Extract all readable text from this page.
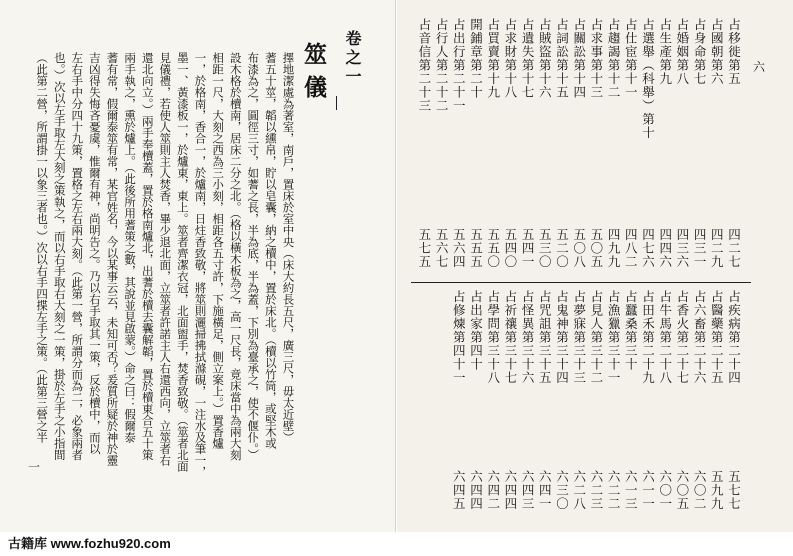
擇地潔處為著室，南戶，置床於室中央（床大約長五尺，廣三尺，毋太近壁）
蓍五十莖，韜以纁帛，貯以皂囊，納之櫝中，置於床北。（櫝以竹筒，或堅木或
布漆為之，圓徑三寸，如蓍之長，半為底，半為蓋，下別為臺承之，使不偃仆。）
設木格於櫝南，居床二分之北。（格以橫木板為之，高一尺長，竟床當中為兩大刻
相距一尺，大刻之西為三小刻，相距各五寸許，下施橫足，側立案上。）置香爐
一，於格南，香合一，於爐南，日炷香致敬，將筮則灑掃拂拭滌硯，一注水及筆一，
墨一、黃漆板一，於爐東，東上。筮者齊潔衣冠，北面盥手，焚香致敬。（筮者北面
見儀禮，若使人筮則主人焚香，畢少退北面，立筮者許諾主人右還西向，立筮者右
還北向立。）兩手奉櫝蓋，置於格南爐北，出蓍於櫝去囊解韜，置於櫝東合五十策
兩手執之，熏於爐上。（此後所用蓍策之數，其說並見啟蒙。）命之曰：假爾泰
蓍有常，假爾泰筮有常，某官姓名，今以某事云云，未知可否？爰質所疑於神於靈
吉凶得失悔吝憂虞，惟爾有神，尚明告之。乃以右手取其一策，反於櫝中，而以
左右手中分四十九策，置格之左右兩大刻。（此第一營，所謂分而為二，必象兩者
也。）次以左手取左大刻之策執之，而以右手取右大刻之一策，掛於左手之小指間
（此第二營，所謂掛一以象三者也。）次以右手四揲左手之策。（此第三營之半	筮儀 卷之一
一
占移徙第五
四二七
占國朝第六
四二九
占身命第七
四三一
占婚姻第八
四三六
占生產第九
四四六
占選舉（科舉）第十
四七六
占仕宦第十一
四八二
占趨謁第十二
四九九
占求事第十三
五〇五
占關訟第十四
五〇八
占詞訟第十五
五二〇
占賊盜第十六
五三〇
占遺失第十七
五四一
占求財第十八
五四〇
占買賣第十九
五五〇
開鋪章第二十
五五五
占出行第二十一
五六四
占行人第二十二
五六七
占音信第二十三
五七五
占疾病第二十四
五七七
占醫藥第二十五
五九九
占六畜第二十六
六〇二
占香火第二十七
六〇五
占牛馬第二十八
六〇一
占田禾第二十九
六一一
占蠶桑第三十
六一三
占漁獵第三十一
六二二
占見人第三十二
六二三
占夢寐第三十三
六二八
占鬼神第三十四
六三〇
占咒詛第三十五
六四一
占怪異第三十六
六四三
占祈禳第三十七
六四四
占學問第三十八
六四二
占出家第四十
六四四
占修煉第四十一
六四五
六
古籍库 www.fozhu920.com
